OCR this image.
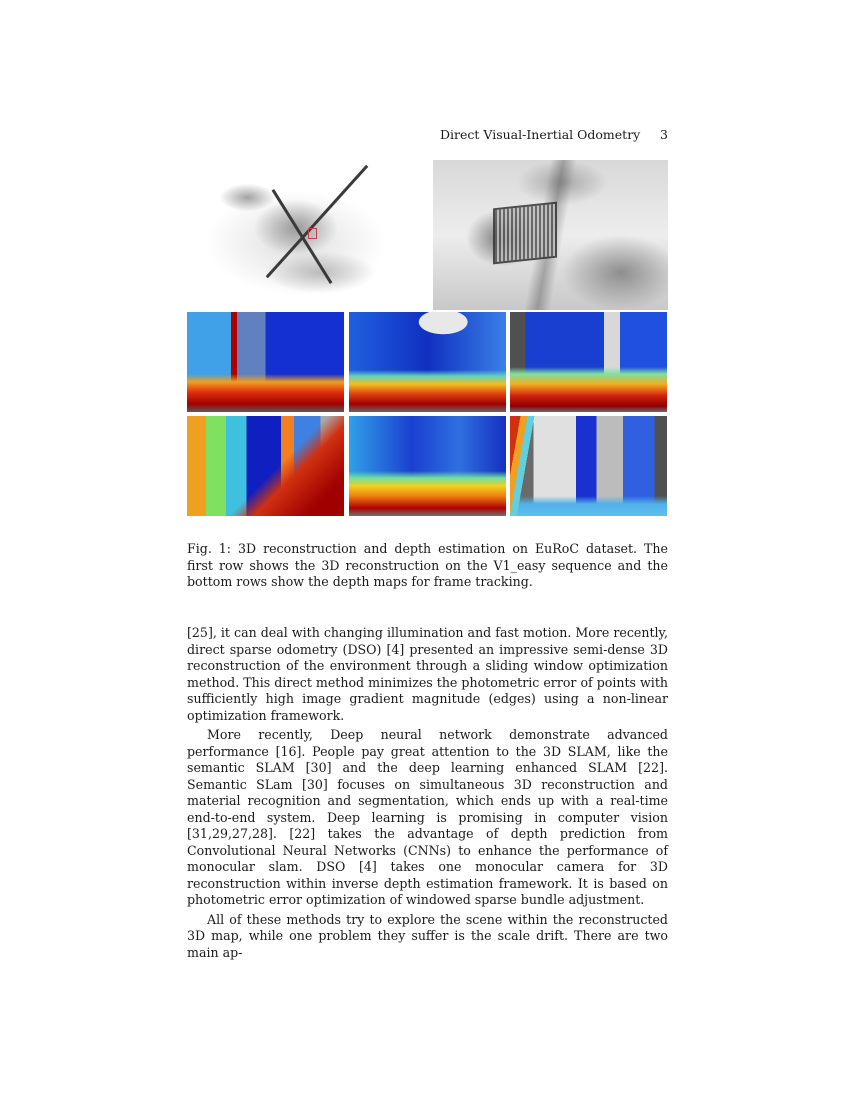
Direct Visual-Inertial Odometry 3
Fig. 1: 3D reconstruction and depth estimation on EuRoC dataset. The first row shows the 3D reconstruction on the V1_easy sequence and the bottom rows show the depth maps for frame tracking.

[25], it can deal with changing illumination and fast motion. More recently, direct sparse odometry (DSO) [4] presented an impressive semi-dense 3D reconstruction of the environment through a sliding window optimization method. This direct method minimizes the photometric error of points with sufficiently high image gradient magnitude (edges) using a non-linear optimization framework.

More recently, Deep neural network demonstrate advanced performance [16]. People pay great attention to the 3D SLAM, like the semantic SLAM [30] and the deep learning enhanced SLAM [22]. Semantic SLam [30] focuses on simultaneous 3D reconstruction and material recognition and segmentation, which ends up with a real-time end-to-end system. Deep learning is promising in computer vision [31,29,27,28]. [22] takes the advantage of depth prediction from Convolutional Neural Networks (CNNs) to enhance the performance of monocular slam. DSO [4] takes one monocular camera for 3D reconstruction within inverse depth estimation framework. It is based on photometric error optimization of windowed sparse bundle adjustment.

All of these methods try to explore the scene within the reconstructed 3D map, while one problem they suffer is the scale drift. There are two main ap-
